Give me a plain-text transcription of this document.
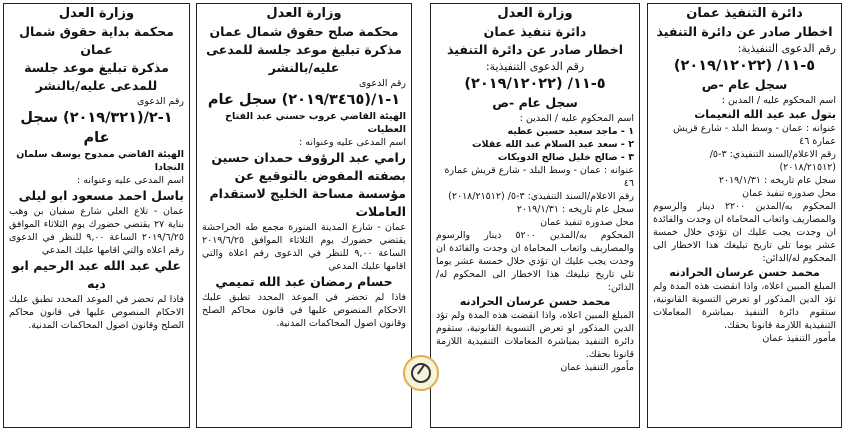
دائرة التنفيذ عمان

اخطار صادر عن دائرة التنفيذ

رقم الدعوى التنفيذية:

٥-١١/ (٢٠١٩/١٢٠٢٢)

سجل عام -ص

اسم المحكوم عليه / المدين :

بتول عبد عيد الله النعيمات

عنوانه : عمان - وسط البلد - شارع قريش عمارة ٤٦

رقم الاعلام/السند التنفيذي: ٣-٥/ (٢٠١٨/٢١٥١٢)

سجل عام تاريخه : ٢٠١٩/١/٣١

محل صدوره تنفيذ عمان

المحكوم به/المدين ٢٢٠٠ دينار والرسوم والمصاريف واتعاب المحاماة ان وجدت والفائدة ان وجدت يجب عليك ان تؤدي خلال خمسة عشر يوما تلي تاريخ تبليغك هذا الاخطار الى المحكوم له/الدائن:

محمد حسن عرسان الحرادنه

المبلغ المبين اعلاه، واذا انقضت هذه المدة ولم تؤد الدين المذكور او تعرض التسوية القانونية، ستقوم دائرة التنفيذ بمباشرة المعاملات التنفيذية اللازمة قانونا بحقك.

مأمور التنفيذ عمان

وزارة العدل

دائرة تنفيذ عمان

اخطار صادر عن دائرة التنفيذ

رقم الدعوى التنفيذية:

٥-١١/ (٢٠١٩/١٢٠٢٢)

سجل عام -ص

اسم المحكوم عليه / المدين :

١ - ماجد سعيد حسين عطيه

٢ - سعد عبد السلام عبد الله عقلات

٣ - صالح خليل صالح الدويكات

عنوانه : عمان - وسط البلد - شارع قريش عمارة ٤٦

رقم الاعلام/السند التنفيذي: ٣-٥/ (٢٠١٨/٢١٥١٢)

سجل عام تاريخه : ٢٠١٩/١/٣١

محل صدوره تنفيذ عمان

المحكوم به/المدين ٥٢٠٠ دينار والرسوم والمصاريف واتعاب المحاماة ان وجدت والفائدة ان وجدت يجب عليك ان تؤدي خلال خمسة عشر يوما تلي تاريخ تبليغك هذا الاخطار الى المحكوم له/الدائن:

محمد حسن عرسان الحرادنه

المبلغ المبين اعلاه، واذا انقضت هذه المدة ولم تؤد الدين المذكور او تعرض التسوية القانونية، ستقوم دائرة التنفيذ بمباشرة المعاملات التنفيذية اللازمة قانونا بحقك.

مأمور التنفيذ عمان

وزارة العدل

محكمة صلح حقوق شمال عمان

مذكرة تبليغ موعد جلسة للمدعى عليه/بالنشر

رقم الدعوى

١-١/(٢٠١٩/٣٤٦٥) سجل عام

الهيئة القاضي عروب حسني عبد الفتاح العطيات

اسم المدعى عليه وعنوانه :

رامي عبد الرؤوف حمدان حسين

بصفته المفوض بالتوقيع عن مؤسسة مساحة الخليج لاستقدام العاملات

عمان - شارع المدينة المنورة مجمع طه الحراحشة يقتضي حضورك يوم الثلاثاء الموافق ٢٠١٩/٦/٢٥ الساعة ٩,٠٠ للنظر في الدعوى رقم اعلاه والتي اقامها عليك المدعي

حسام رمضان عبد الله تميمي

فاذا لم تحضر في الموعد المحدد تطبق عليك الاحكام المنصوص عليها في قانون محاكم الصلح وقانون اصول المحاكمات المدنية.

وزارة العدل

محكمة بداية حقوق شمال عمان

مذكرة تبليغ موعد جلسة للمدعى عليه/بالنشر

رقم الدعوى

١-٢/(٢٠١٩/٣٢١) سجل عام

الهيئة القاضي ممدوح يوسف سلمان النجادا

اسم المدعى عليه وعنوانه :

باسل احمد مسعود ابو ليلى

عمان - تلاع العلي شارع سفيان بن وهب بناية ٢٧ يقتضي حضورك يوم الثلاثاء الموافق ٢٠١٩/٦/٢٥ الساعة ٩,٠٠ للنظر في الدعوى رقم اعلاه والتي اقامها عليك المدعي

علي عبد الله عبد الرحيم ابو ديه

فاذا لم تحضر في الموعد المحدد تطبق عليك الاحكام المنصوص عليها في قانون محاكم الصلح وقانون اصول المحاكمات المدنية.
